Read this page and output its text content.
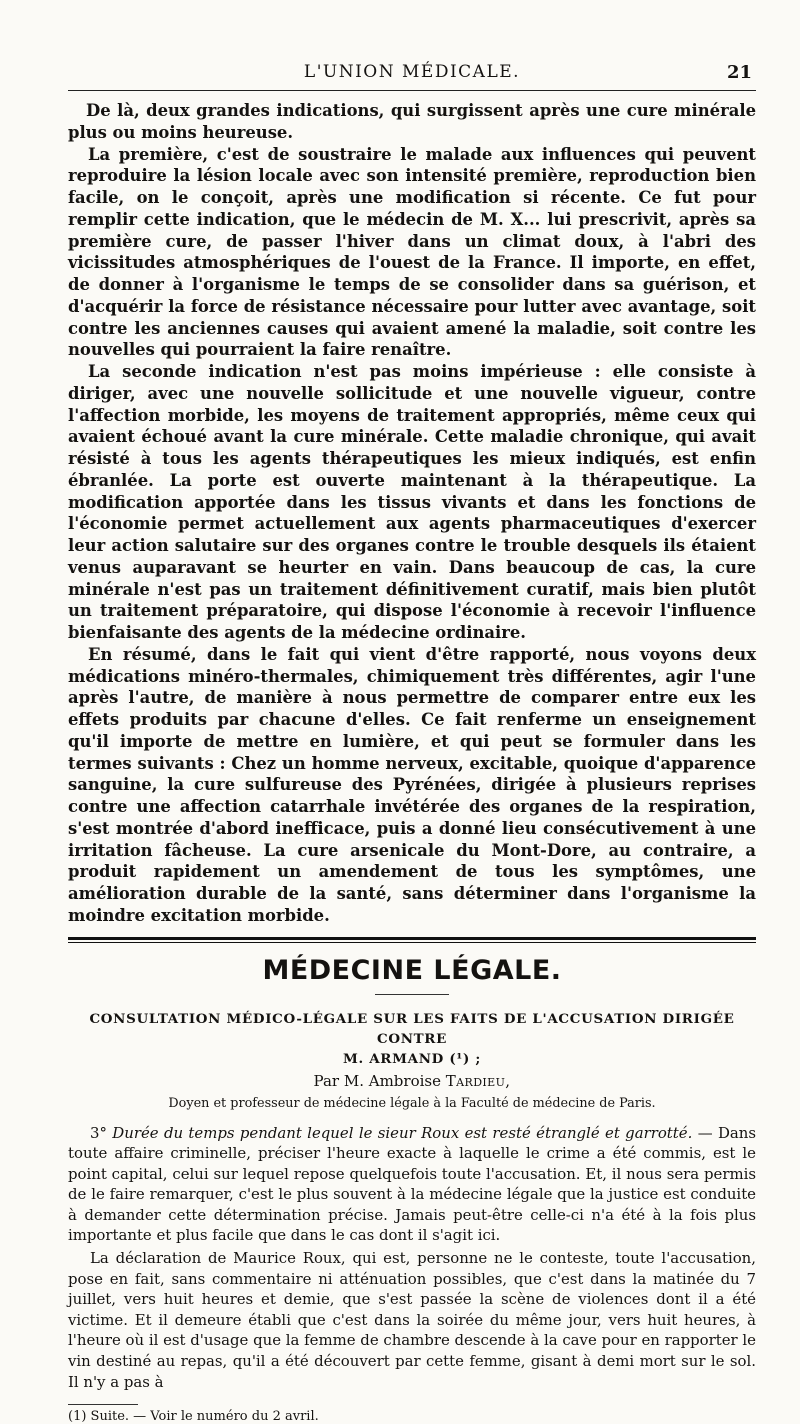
L'UNION MÉDICALE.	21

De là, deux grandes indications, qui surgissent après une cure minérale plus ou moins heureuse.

La première, c'est de soustraire le malade aux influences qui peuvent reproduire la lésion locale avec son intensité première, reproduction bien facile, on le conçoit, après une modification si récente. Ce fut pour remplir cette indication, que le médecin de M. X... lui prescrivit, après sa première cure, de passer l'hiver dans un climat doux, à l'abri des vicissitudes atmosphériques de l'ouest de la France. Il importe, en effet, de donner à l'organisme le temps de se consolider dans sa guérison, et d'acquérir la force de résistance nécessaire pour lutter avec avantage, soit contre les anciennes causes qui avaient amené la maladie, soit contre les nouvelles qui pourraient la faire renaître.

La seconde indication n'est pas moins impérieuse : elle consiste à diriger, avec une nouvelle sollicitude et une nouvelle vigueur, contre l'affection morbide, les moyens de traitement appropriés, même ceux qui avaient échoué avant la cure minérale. Cette maladie chronique, qui avait résisté à tous les agents thérapeutiques les mieux indiqués, est enfin ébranlée. La porte est ouverte maintenant à la thérapeutique. La modification apportée dans les tissus vivants et dans les fonctions de l'économie permet actuellement aux agents pharmaceutiques d'exercer leur action salutaire sur des organes contre le trouble desquels ils étaient venus auparavant se heurter en vain. Dans beaucoup de cas, la cure minérale n'est pas un traitement définitivement curatif, mais bien plutôt un traitement préparatoire, qui dispose l'économie à recevoir l'influence bienfaisante des agents de la médecine ordinaire.

En résumé, dans le fait qui vient d'être rapporté, nous voyons deux médications minéro-thermales, chimiquement très différentes, agir l'une après l'autre, de manière à nous permettre de comparer entre eux les effets produits par chacune d'elles. Ce fait renferme un enseignement qu'il importe de mettre en lumière, et qui peut se formuler dans les termes suivants : Chez un homme nerveux, excitable, quoique d'apparence sanguine, la cure sulfureuse des Pyrénées, dirigée à plusieurs reprises contre une affection catarrhale invétérée des organes de la respiration, s'est montrée d'abord inefficace, puis a donné lieu consécutivement à une irritation fâcheuse. La cure arsenicale du Mont-Dore, au contraire, a produit rapidement un amendement de tous les symptômes, une amélioration durable de la santé, sans déterminer dans l'organisme la moindre excitation morbide.

MÉDECINE LÉGALE.
CONSULTATION MÉDICO-LÉGALE SUR LES FAITS DE L'ACCUSATION DIRIGÉE CONTRE
M. ARMAND (¹) ;
Par M. Ambroise Tardieu,
Doyen et professeur de médecine légale à la Faculté de médecine de Paris.

3° Durée du temps pendant lequel le sieur Roux est resté étranglé et garrotté. — Dans toute affaire criminelle, préciser l'heure exacte à laquelle le crime a été commis, est le point capital, celui sur lequel repose quelquefois toute l'accusation. Et, il nous sera permis de le faire remarquer, c'est le plus souvent à la médecine légale que la justice est conduite à demander cette détermination précise. Jamais peut-être celle-ci n'a été à la fois plus importante et plus facile que dans le cas dont il s'agit ici.

La déclaration de Maurice Roux, qui est, personne ne le conteste, toute l'accusation, pose en fait, sans commentaire ni atténuation possibles, que c'est dans la matinée du 7 juillet, vers huit heures et demie, que s'est passée la scène de violences dont il a été victime. Et il demeure établi que c'est dans la soirée du même jour, vers huit heures, à l'heure où il est d'usage que la femme de chambre descende à la cave pour en rapporter le vin destiné au repas, qu'il a été découvert par cette femme, gisant à demi mort sur le sol. Il n'y a pas à

(1) Suite. — Voir le numéro du 2 avril.
